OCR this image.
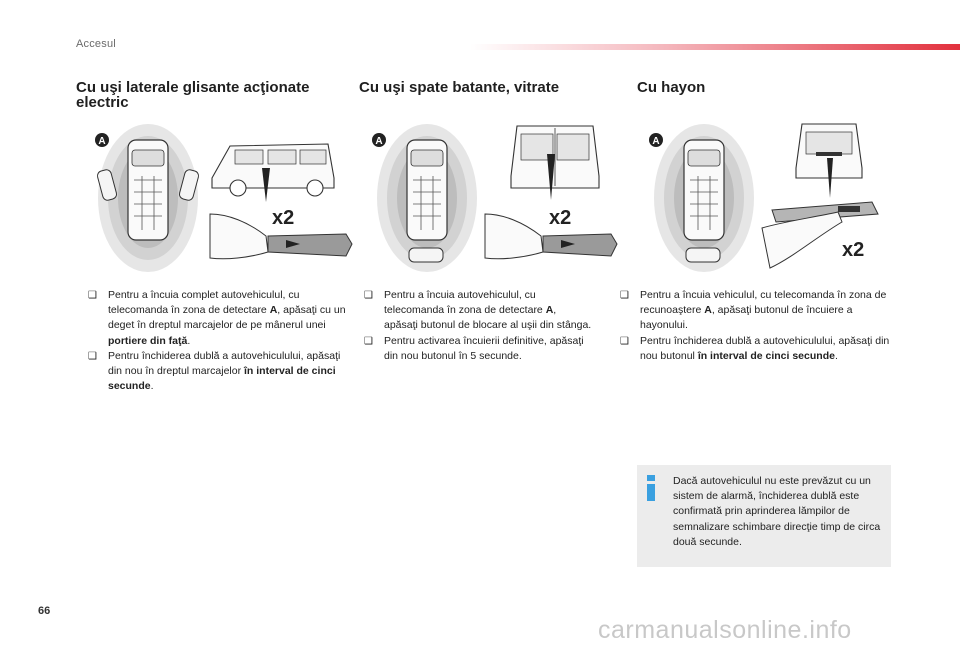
Accesul
Cu uşi laterale glisante acţionate electric
Cu uşi spate batante, vitrate	Cu hayon
A
x2
A
x2
A
x2
❑ Pentru a încuia complet autovehiculul, cu telecomanda în zona de detectare A, apăsaţi cu un deget în dreptul marcajelor de pe mânerul unei portiere din faţă.
❑ Pentru închiderea dublă a autovehiculului, apăsaţi din nou în dreptul marcajelor în interval de cinci secunde.
❑ Pentru a încuia autovehiculul, cu telecomanda în zona de detectare A, apăsaţi butonul de blocare al uşii din stânga.
❑ Pentru activarea încuierii definitive, apăsaţi din nou butonul în 5 secunde.
❑ Pentru a încuia vehiculul, cu telecomanda în zona de recunoaştere A, apăsaţi butonul de încuiere a hayonului.
❑ Pentru închiderea dublă a autovehiculului, apăsaţi din nou butonul în interval de cinci secunde.
Dacă autovehiculul nu este prevăzut cu un sistem de alarmă, închiderea dublă este confirmată prin aprinderea lămpilor de semnalizare schimbare direcţie timp de circa două secunde.
66
carmanualsonline.info
